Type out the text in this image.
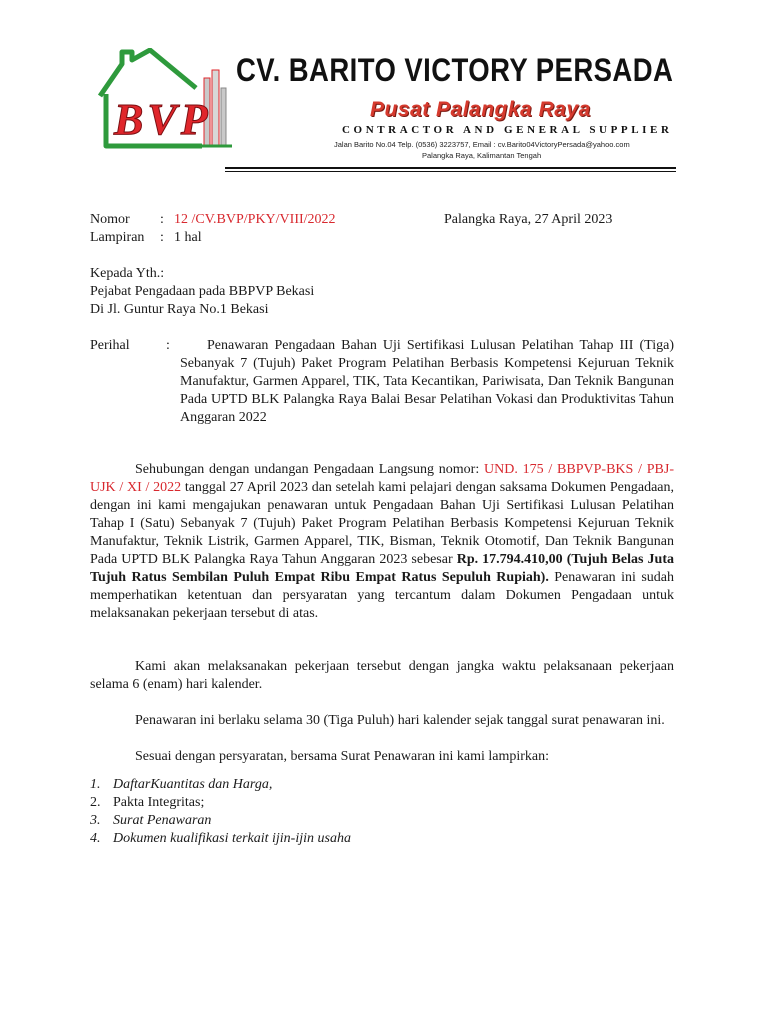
BVP
CV. BARITO VICTORY PERSADA
Pusat Palangka Raya
CONTRACTOR AND GENERAL SUPPLIER
Jalan Barito No.04 Telp. (0536) 3223757, Email : cv.Barito04VictoryPersada@yahoo.com
Palangka Raya, Kalimantan Tengah
Nomor : 12 /CV.BVP/PKY/VIII/2022	Palangka Raya, 27 April 2023
Lampiran : 1 hal
Kepada Yth.:
Pejabat Pengadaan pada BBPVP Bekasi
Di Jl. Guntur Raya No.1 Bekasi
Perihal	:	Penawaran Pengadaan Bahan Uji Sertifikasi Lulusan Pelatihan Tahap III (Tiga) Sebanyak 7 (Tujuh) Paket Program Pelatihan Berbasis Kompetensi Kejuruan Teknik Manufaktur, Garmen Apparel, TIK, Tata Kecantikan, Pariwisata, Dan Teknik Bangunan Pada UPTD BLK Palangka Raya Balai Besar Pelatihan Vokasi dan Produktivitas Tahun Anggaran 2022

Sehubungan dengan undangan Pengadaan Langsung nomor: UND. 175 / BBPVP-BKS / PBJ-UJK / XI / 2022 tanggal 27 April 2023 dan setelah kami pelajari dengan saksama Dokumen Pengadaan, dengan ini kami mengajukan penawaran untuk Pengadaan Bahan Uji Sertifikasi Lulusan Pelatihan Tahap I (Satu) Sebanyak 7 (Tujuh) Paket Program Pelatihan Berbasis Kompetensi Kejuruan Teknik Manufaktur, Teknik Listrik, Garmen Apparel, TIK, Bisman, Teknik Otomotif, Dan Teknik Bangunan Pada UPTD BLK Palangka Raya Tahun Anggaran 2023 sebesar Rp. 17.794.410,00 (Tujuh Belas Juta Tujuh Ratus Sembilan Puluh Empat Ribu Empat Ratus Sepuluh Rupiah). Penawaran ini sudah memperhatikan ketentuan dan persyaratan yang tercantum dalam Dokumen Pengadaan untuk melaksanakan pekerjaan tersebut di atas.

Kami akan melaksanakan pekerjaan tersebut dengan jangka waktu pelaksanaan pekerjaan selama 6 (enam) hari kalender.

Penawaran ini berlaku selama 30 (Tiga Puluh) hari kalender sejak tanggal surat penawaran ini.

Sesuai dengan persyaratan, bersama Surat Penawaran ini kami lampirkan:

1. DaftarKuantitas dan Harga,
2. Pakta Integritas;
3. Surat Penawaran
4. Dokumen kualifikasi terkait ijin-ijin usaha
